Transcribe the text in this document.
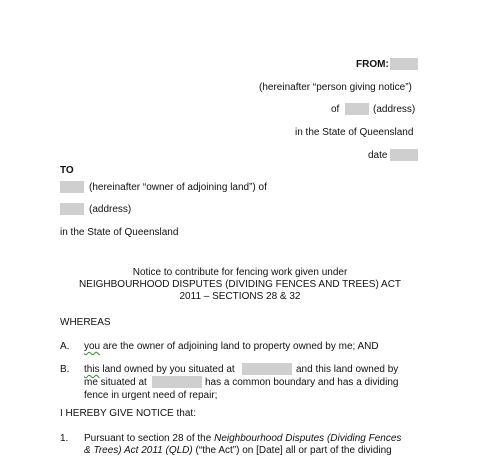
FROM:
(hereinafter “person giving notice”)
of	(address)
in the State of Queensland
date
TO
(hereinafter “owner of adjoining land”) of
(address)
in the State of Queensland
Notice to contribute for fencing work given under
NEIGHBOURHOOD DISPUTES (DIVIDING FENCES AND TREES) ACT
2011 – SECTIONS 28 & 32
WHEREAS
A. you are the owner of adjoining land to property owned by me; AND
B. this land owned by you situated at	and this land owned by
me situated at	has a common boundary and has a dividing
fence in urgent need of repair;
I HEREBY GIVE NOTICE that:
1. Pursuant to section 28 of the Neighbourhood Disputes (Dividing Fences
& Trees) Act 2011 (QLD) (“the Act”) on [Date] all or part of the dividing
